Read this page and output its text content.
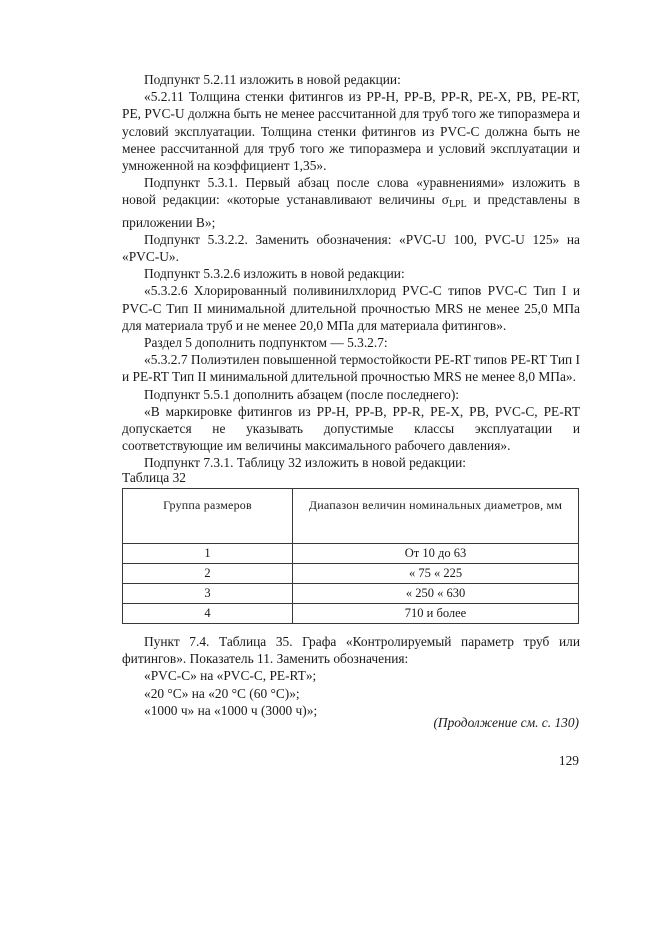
Подпункт 5.2.11 изложить в новой редакции:

«5.2.11 Толщина стенки фитингов из PP-H, PP-B, PP-R, PE-X, PB, PE-RT, PE, PVC-U должна быть не менее рассчитанной для труб того же типоразмера и условий эксплуатации. Толщина стенки фитингов из PVC-C должна быть не менее рассчитанной для труб того же типоразмера и условий эксплуатации и умноженной на коэффициент 1,35».

Подпункт 5.3.1. Первый абзац после слова «уравнениями» изложить в новой редакции: «которые устанавливают величины $\sigma_{LPL}$ и представлены в приложении В»;

Подпункт 5.3.2.2. Заменить обозначения: «PVC-U 100, PVC-U 125» на «PVC-U».

Подпункт 5.3.2.6 изложить в новой редакции:

«5.3.2.6 Хлорированный поливинилхлорид PVC-C типов PVC-C Тип I и PVC-C Тип II минимальной длительной прочностью MRS не менее 25,0 МПа для материала труб и не менее 20,0 МПа для материала фитингов».

Раздел 5 дополнить подпунктом — 5.3.2.7:

«5.3.2.7 Полиэтилен повышенной термостойкости PE-RT типов PE-RT Тип I и PE-RT Тип II минимальной длительной прочностью MRS не менее 8,0 МПа».

Подпункт 5.5.1 дополнить абзацем (после последнего):

«В маркировке фитингов из PP-H, PP-B, PP-R, PE-X, PB, PVC-C, PE-RT допускается не указывать допустимые классы эксплуатации и соответствующие им величины максимального рабочего давления».

Подпункт 7.3.1. Таблицу 32 изложить в новой редакции:

Таблица 32
Группа размеров	Диапазон величин номинальных диаметров, мм
1	От 10 до 63
2	« 75 « 225
3	« 250 « 630
4	710 и более

Пункт 7.4. Таблица 35. Графа «Контролируемый параметр труб или фитингов». Показатель 11. Заменить обозначения:

«PVC-C» на «PVC-C, PE-RT»;

«20 °C» на «20 °C (60 °C)»;

«1000 ч» на «1000 ч (3000 ч)»;

(Продолжение см. с. 130)
129
